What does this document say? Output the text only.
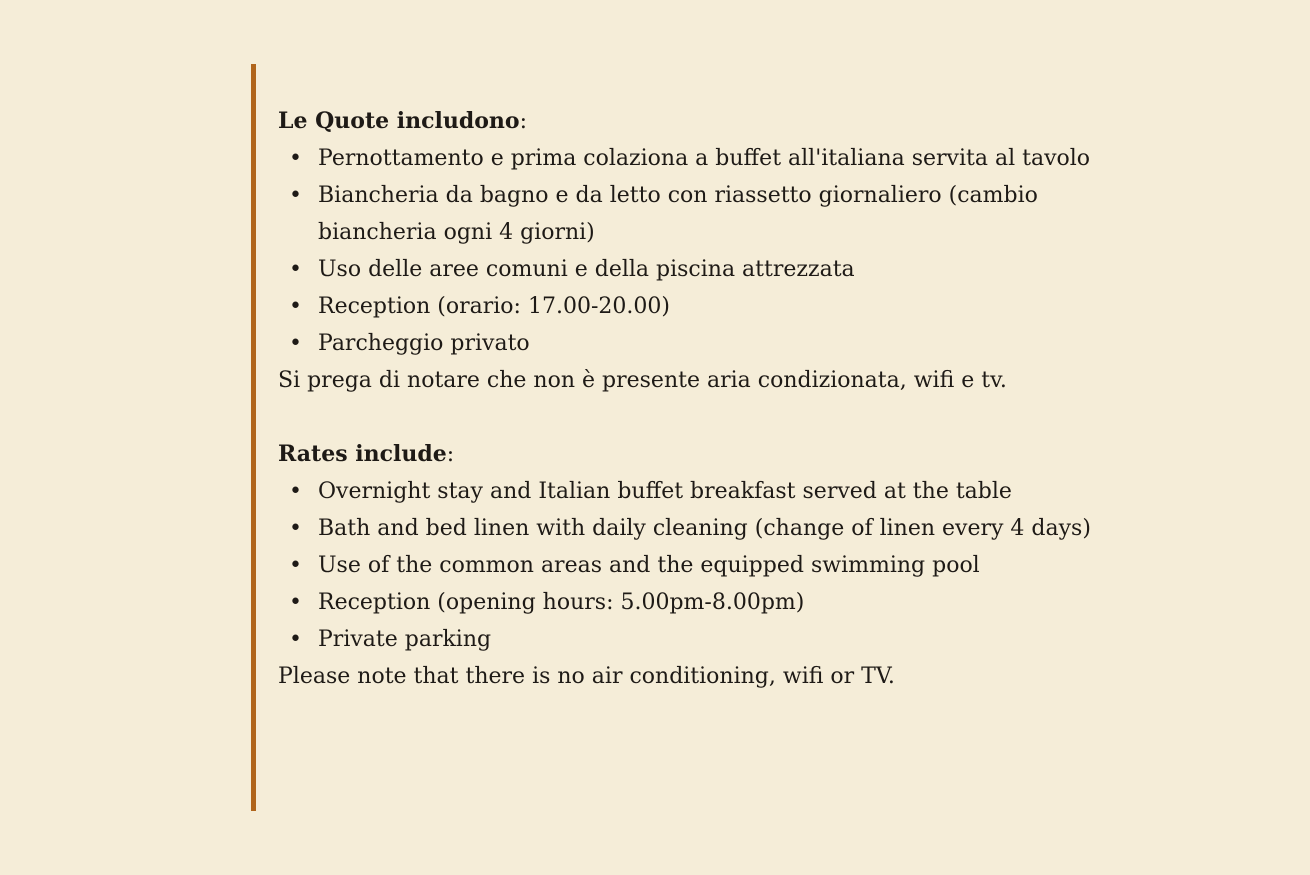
Le Quote includono:

• Pernottamento e prima colaziona a buffet all'italiana servita al tavolo
• Biancheria da bagno e da letto con riassetto giornaliero (cambio biancheria ogni 4 giorni)
• Uso delle aree comuni e della piscina attrezzata
• Reception (orario: 17.00-20.00)
• Parcheggio privato

Si prega di notare che non è presente aria condizionata, wifi e tv.

Rates include:

• Overnight stay and Italian buffet breakfast served at the table
• Bath and bed linen with daily cleaning (change of linen every 4 days)
• Use of the common areas and the equipped swimming pool
• Reception (opening hours: 5.00pm-8.00pm)
• Private parking

Please note that there is no air conditioning, wifi or TV.
